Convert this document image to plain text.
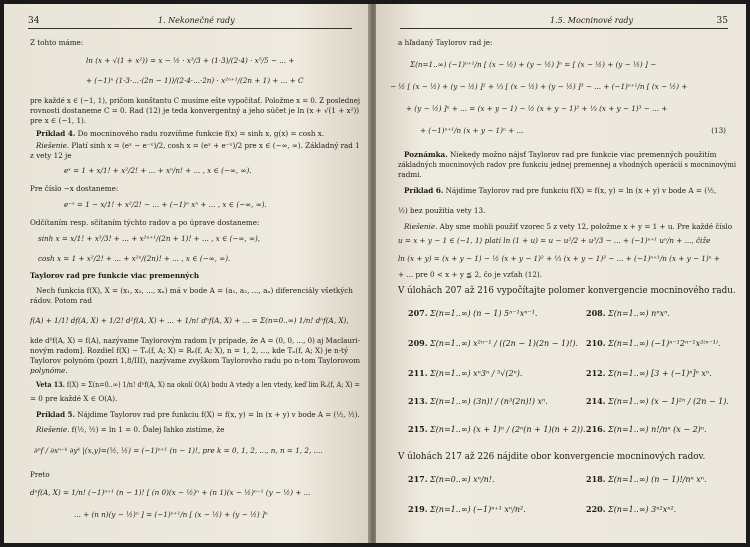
34	1. Nekonečné rady
Z tohto máme:
ln (x + √(1 + x²)) = x − ½ · x³/3 + (1·3)/(2·4) · x⁵/5 − ... +
+ (−1)ⁿ (1·3·...·(2n − 1))/(2·4·...·2n) · x²ⁿ⁺¹/(2n + 1) + ... + C
pre každé x ∈ (−1, 1), pričom konštantu C musíme ešte vypočítať. Položme x = 0. Z poslednej
rovnosti dostaneme C = 0. Rad (12) je teda konvergentný a jeho súčet je ln (x + √(1 + x²))
pre x ∈ (−1, 1).
Príklad 4. Do mocninového radu rozvíňme funkcie f(x) = sinh x, g(x) = cosh x.
Riešenie. Platí sinh x = (eˣ − e⁻ˣ)/2, cosh x = (eˣ + e⁻ˣ)/2 pre x ∈ (−∞, ∞). Základný rad 1
z vety 12 je
eˣ = 1 + x/1! + x²/2! + ... + xⁿ/n! + ... , x ∈ (−∞, ∞).
Pre číslo −x dostaneme:
e⁻ˣ = 1 − x/1! + x²/2! − ... + (−1)ⁿ xⁿ + ... , x ∈ (−∞, ∞).
Odčítaním resp. sčítaním týchto radov a po úprave dostaneme:
sinh x = x/1! + x³/3! + ... + x²ⁿ⁺¹/(2n + 1)! + ... , x ∈ (−∞, ∞),
cosh x = 1 + x²/2! + ... + x²ⁿ/(2n)! + ... , x ∈ (−∞, ∞).
Taylorov rad pre funkcie viac premenných
Nech funkcia f(X), X = (x₁, x₂, ..., xₙ) má v bode A = (a₁, a₂, ..., aₙ) diferenciály všetkých
rádov. Potom rad
f(A) + 1/1! df(A, X) + 1/2! d²f(A, X) + ... + 1/n! dⁿf(A, X) + ... = Σ(n=0..∞) 1/n! dⁿf(A, X),
kde d⁰f(A, X) = f(A), nazývame Taylorovým radom [v prípade, že A = (0, 0, ..., 0) aj Maclauri-
novým radom]. Rozdiel f(X) − Tₙ(f, A; X) = Rₙ(f, A; X), n = 1, 2, ..., kde Tₙ(f, A; X) je n-tý
Taylorov polynóm (pozri 1,8/III), nazývame zvyškom Taylorovho radu po n-tom Taylorovom
polynóme.
Veta 13. f(X) = Σ(n=0..∞) 1/n! dⁿf(A, X) na okolí O(A) bodu A vtedy a len vtedy, keď lim Rₙ(f, A; X) =
= 0 pre každé X ∈ O(A).
Príklad 5. Nájdime Taylorov rad pre funkciu f(X) = f(x, y) = ln (x + y) v bode A = (½, ½).
Riešenie. f(½, ½) = ln 1 = 0. Ďalej ľahko zistíme, že
∂ⁿf / ∂xⁿ⁻ᵏ ∂yᵏ |(x,y)=(½, ½) = (−1)ⁿ⁺¹ (n − 1)!, pre k = 0, 1, 2, ..., n, n = 1, 2, ....
Preto
dⁿf(A, X) = 1/n! (−1)ⁿ⁺¹ (n − 1)! [ (n 0)(x − ½)ⁿ + (n 1)(x − ½)ⁿ⁻¹ (y − ½) + ...
... + (n n)(y − ½)ⁿ ] = (−1)ⁿ⁺¹/n [ (x − ½) + (y − ½) ]ⁿ
1.5. Mocninové rady	35
a hľadaný Taylorov rad je:
Σ(n=1..∞) (−1)ⁿ⁺¹/n [ (x − ½) + (y − ½) ]ⁿ = [ (x − ½) + (y − ½) ] −
− ½ [ (x − ½) + (y − ½) ]² + ⅓ [ (x − ½) + (y − ½) ]³ − ... + (−1)ⁿ⁺¹/n [ (x − ½) +
+ (y − ½) ]ⁿ + ... = (x + y − 1) − ½ (x + y − 1)² + ⅓ (x + y − 1)³ − ... +
+ (−1)ⁿ⁺¹/n (x + y − 1)ⁿ + ...	(13)
Poznámka. Niekedy možno nájsť Taylorov rad pre funkcie viac premenných použitím
základných mocninových radov pre funkciu jednej premennej a vhodných operácií s mocninovými
radmi.
Príklad 6. Nájdime Taylorov rad pre funkciu f(X) = f(x, y) = ln (x + y) v bode A = (½,
½) bez použitia vety 13.
Riešenie. Aby sme mohli použiť vzorec 5 z vety 12, položme x + y = 1 + u. Pre každé číslo
u = x + y − 1 ∈ (−1, 1⟩ platí ln (1 + u) = u − u²/2 + u³/3 − ... + (−1)ⁿ⁺¹ uⁿ/n + ..., čiže
ln (x + y) = (x + y − 1) − ½ (x + y − 1)² + ⅓ (x + y − 1)³ − ... + (−1)ⁿ⁺¹/n (x + y − 1)ⁿ +
+ ... pre 0 < x + y ≦ 2, čo je vzťah (12).
V úlohách 207 až 216 vypočítajte polomer konvergencie mocninového radu.
207. Σ(n=1..∞) (n − 1) 5ⁿ⁻¹xⁿ⁻¹.	208. Σ(n=1..∞) nⁿxⁿ.
209. Σ(n=1..∞) x²ⁿ⁻¹ / ((2n − 1)(2n − 1)!). 210. Σ(n=1..∞) (−1)ⁿ⁻¹2ⁿ⁻¹x²⁽ⁿ⁻¹⁾.
211. Σ(n=1..∞) xⁿ3ⁿ / ⁵√(2ⁿ).	212. Σ(n=1..∞) [3 + (−1)ⁿ]ⁿ xⁿ.
213. Σ(n=1..∞) (3n)! / (n³(2n)!) xⁿ.	214. Σ(n=1..∞) (x − 1)²ⁿ / (2n − 1).
215. Σ(n=1..∞) (x + 1)ⁿ / (2ⁿ(n + 1)(n + 2)). 216. Σ(n=1..∞) n!/nⁿ (x − 2)ⁿ.
V úlohách 217 až 226 nájdite obor konvergencie mocninových radov.
217. Σ(n=0..∞) xⁿ/n!.	218. Σ(n=1..∞) (n − 1)!/nⁿ xⁿ.
219. Σ(n=1..∞) (−1)ⁿ⁺¹ xⁿ/n².	220. Σ(n=1..∞) 3ⁿ²xⁿ².
